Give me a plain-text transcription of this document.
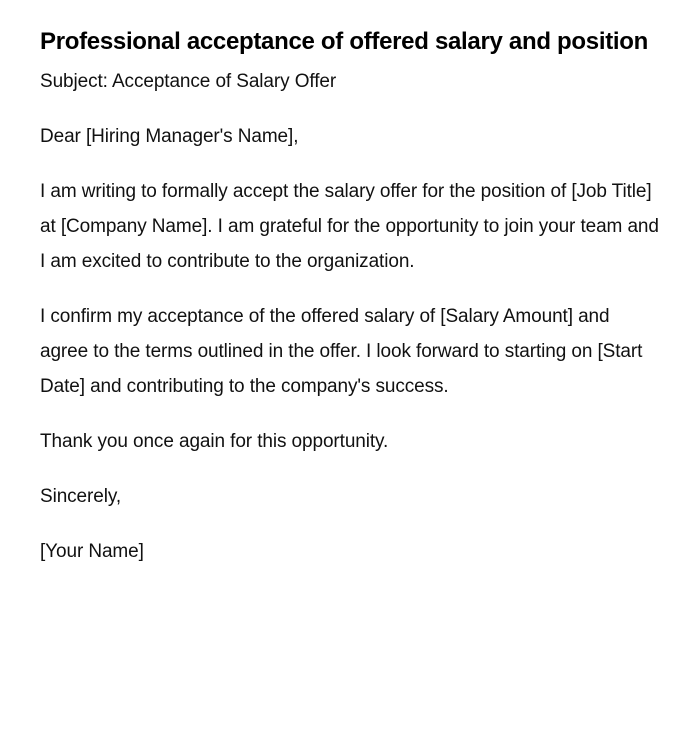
Professional acceptance of offered salary and position

Subject: Acceptance of Salary Offer

Dear [Hiring Manager's Name],

I am writing to formally accept the salary offer for the position of [Job Title] at [Company Name]. I am grateful for the opportunity to join your team and I am excited to contribute to the organization.

I confirm my acceptance of the offered salary of [Salary Amount] and agree to the terms outlined in the offer. I look forward to starting on [Start Date] and contributing to the company's success.

Thank you once again for this opportunity.

Sincerely,

[Your Name]
